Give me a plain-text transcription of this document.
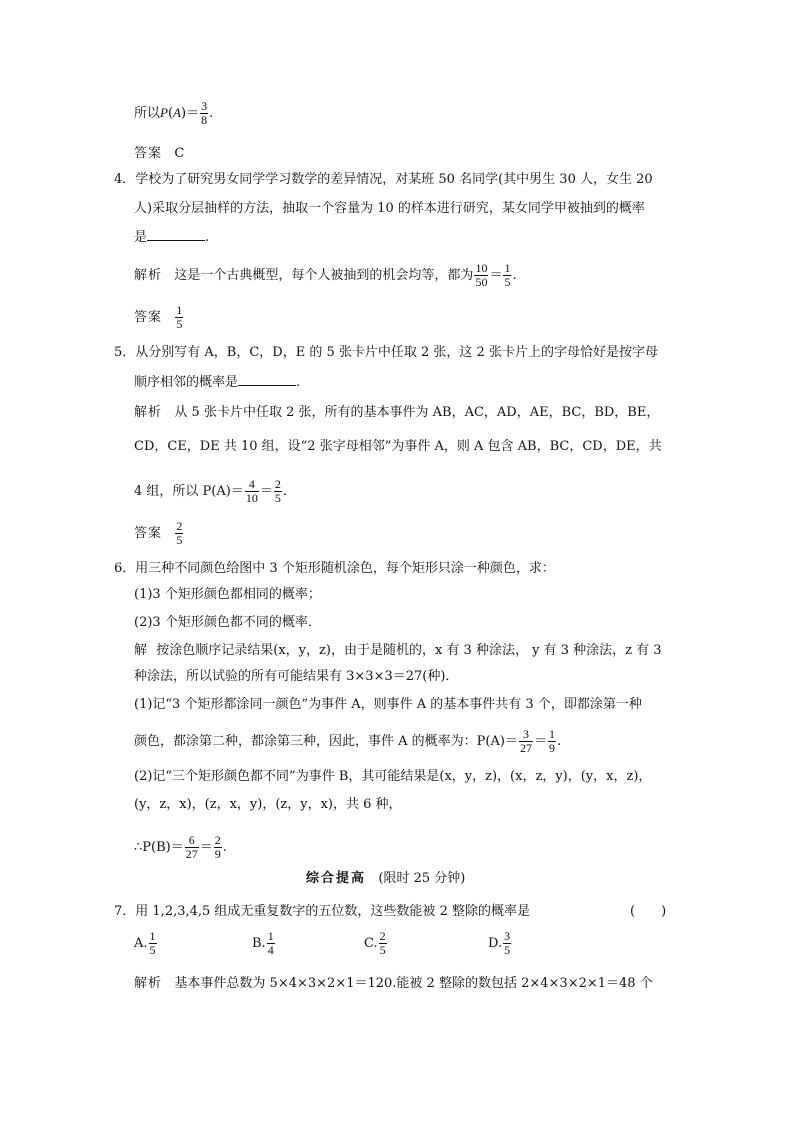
所以$P(A)= \frac{3}{8}$ .
答案 C
4．学校为了研究男女同学学习数学的差异情况，对某班 50 名同学(其中男生 30 人，女生 20
人)采取分层抽样的方法，抽取一个容量为 10 的样本进行研究，某女同学甲被抽到的概率
是	.
解析 这是一个古典概型，每个人被抽到的机会均等，都为 $\frac{10}{50} = \frac{1}{5}$ .
答案 $\frac{1}{5}$
5．从分别写有 A，B，C，D，E 的 5 张卡片中任取 2 张，这 2 张卡片上的字母恰好是按字母
顺序相邻的概率是	.
解析 从 5 张卡片中任取 2 张，所有的基本事件为 AB，AC，AD，AE，BC，BD，BE，
CD，CE，DE 共 10 组，设“2 张字母相邻”为事件 A，则 A 包含 AB，BC，CD，DE，共
4 组，所以 $P(A)= \frac{4}{10} = \frac{2}{5}$ .
答案 $\frac{2}{5}$
6．用三种不同颜色给图中 3 个矩形随机涂色，每个矩形只涂一种颜色，求：
(1)3 个矩形颜色都相同的概率；
(2)3 个矩形颜色都不同的概率．
解 按涂色顺序记录结果(x，y，z)，由于是随机的，x 有 3 种涂法， y 有 3 种涂法，z 有 3
种涂法，所以试验的所有可能结果有 3×3×3＝27(种)．
(1)记“3 个矩形都涂同一颜色”为事件 A，则事件 A 的基本事件共有 3 个，即都涂第一种
颜色，都涂第二种，都涂第三种，因此，事件 A 的概率为：$P(A)= \frac{3}{27} = \frac{1}{9}$ .
(2)记“三个矩形颜色都不同”为事件 B，其可能结果是(x，y，z)，(x，z，y)，(y，x，z)，
(y，z，x)，(z，x，y)，(z，y，x)，共 6 种，
∴P(B)＝ $\frac{6}{27} = \frac{2}{9}$ .
综合提高 (限时 25 分钟)
7．用 1,2,3,4,5 组成无重复数字的五位数，这些数能被 2 整除的概率是	(　　)
A. $\frac{1}{5}$	B. $\frac{1}{4}$	C. $\frac{2}{5}$	D. $\frac{3}{5}$
解析 基本事件总数为 5×4×3×2×1＝120.能被 2 整除的数包括 2×4×3×2×1＝48 个
